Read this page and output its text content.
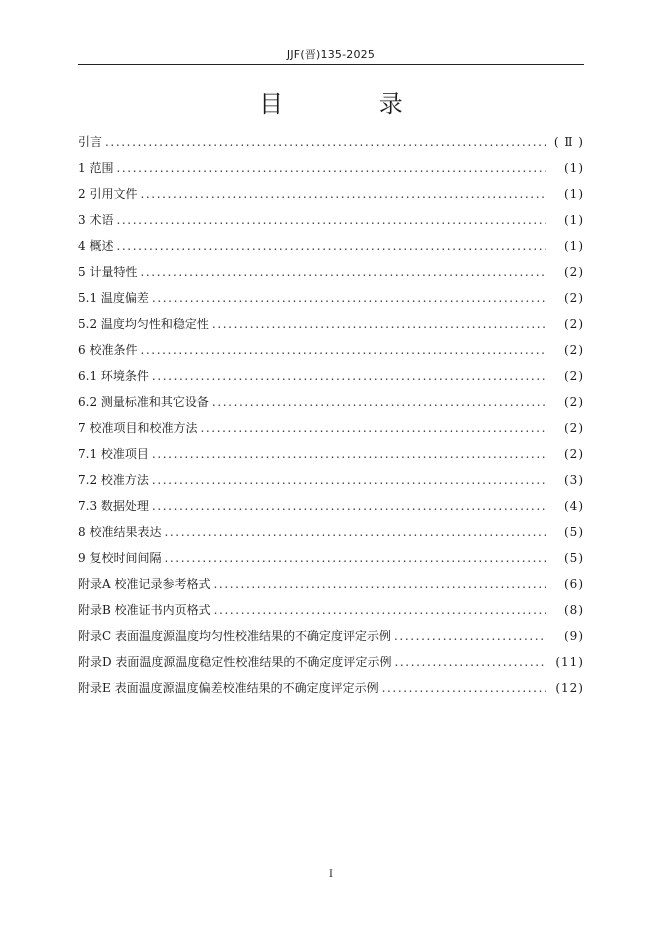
JJF(晋)135-2025
目 录
引言 .....	( Ⅱ )
1 范围 .....	(1)
2 引用文件 .....	(1)
3 术语 .....	(1)
4 概述 .....	(1)
5 计量特性 .....	(2)
5.1 温度偏差 .....	(2)
5.2 温度均匀性和稳定性 .....	(2)
6 校准条件 .....	(2)
6.1 环境条件 .....	(2)
6.2 测量标准和其它设备 .....	(2)
7 校准项目和校准方法 .....	(2)
7.1 校准项目 .....	(2)
7.2 校准方法 .....	(3)
7.3 数据处理 .....	(4)
8 校准结果表达 .....	(5)
9 复校时间间隔 .....	(5)
附录A 校准记录参考格式 .....	(6)
附录B 校准证书内页格式 .....	(8)
附录C 表面温度源温度均匀性校准结果的不确定度评定示例 .....	(9)
附录D 表面温度源温度稳定性校准结果的不确定度评定示例 .....	(11)
附录E 表面温度源温度偏差校准结果的不确定度评定示例 .....	(12)
I
